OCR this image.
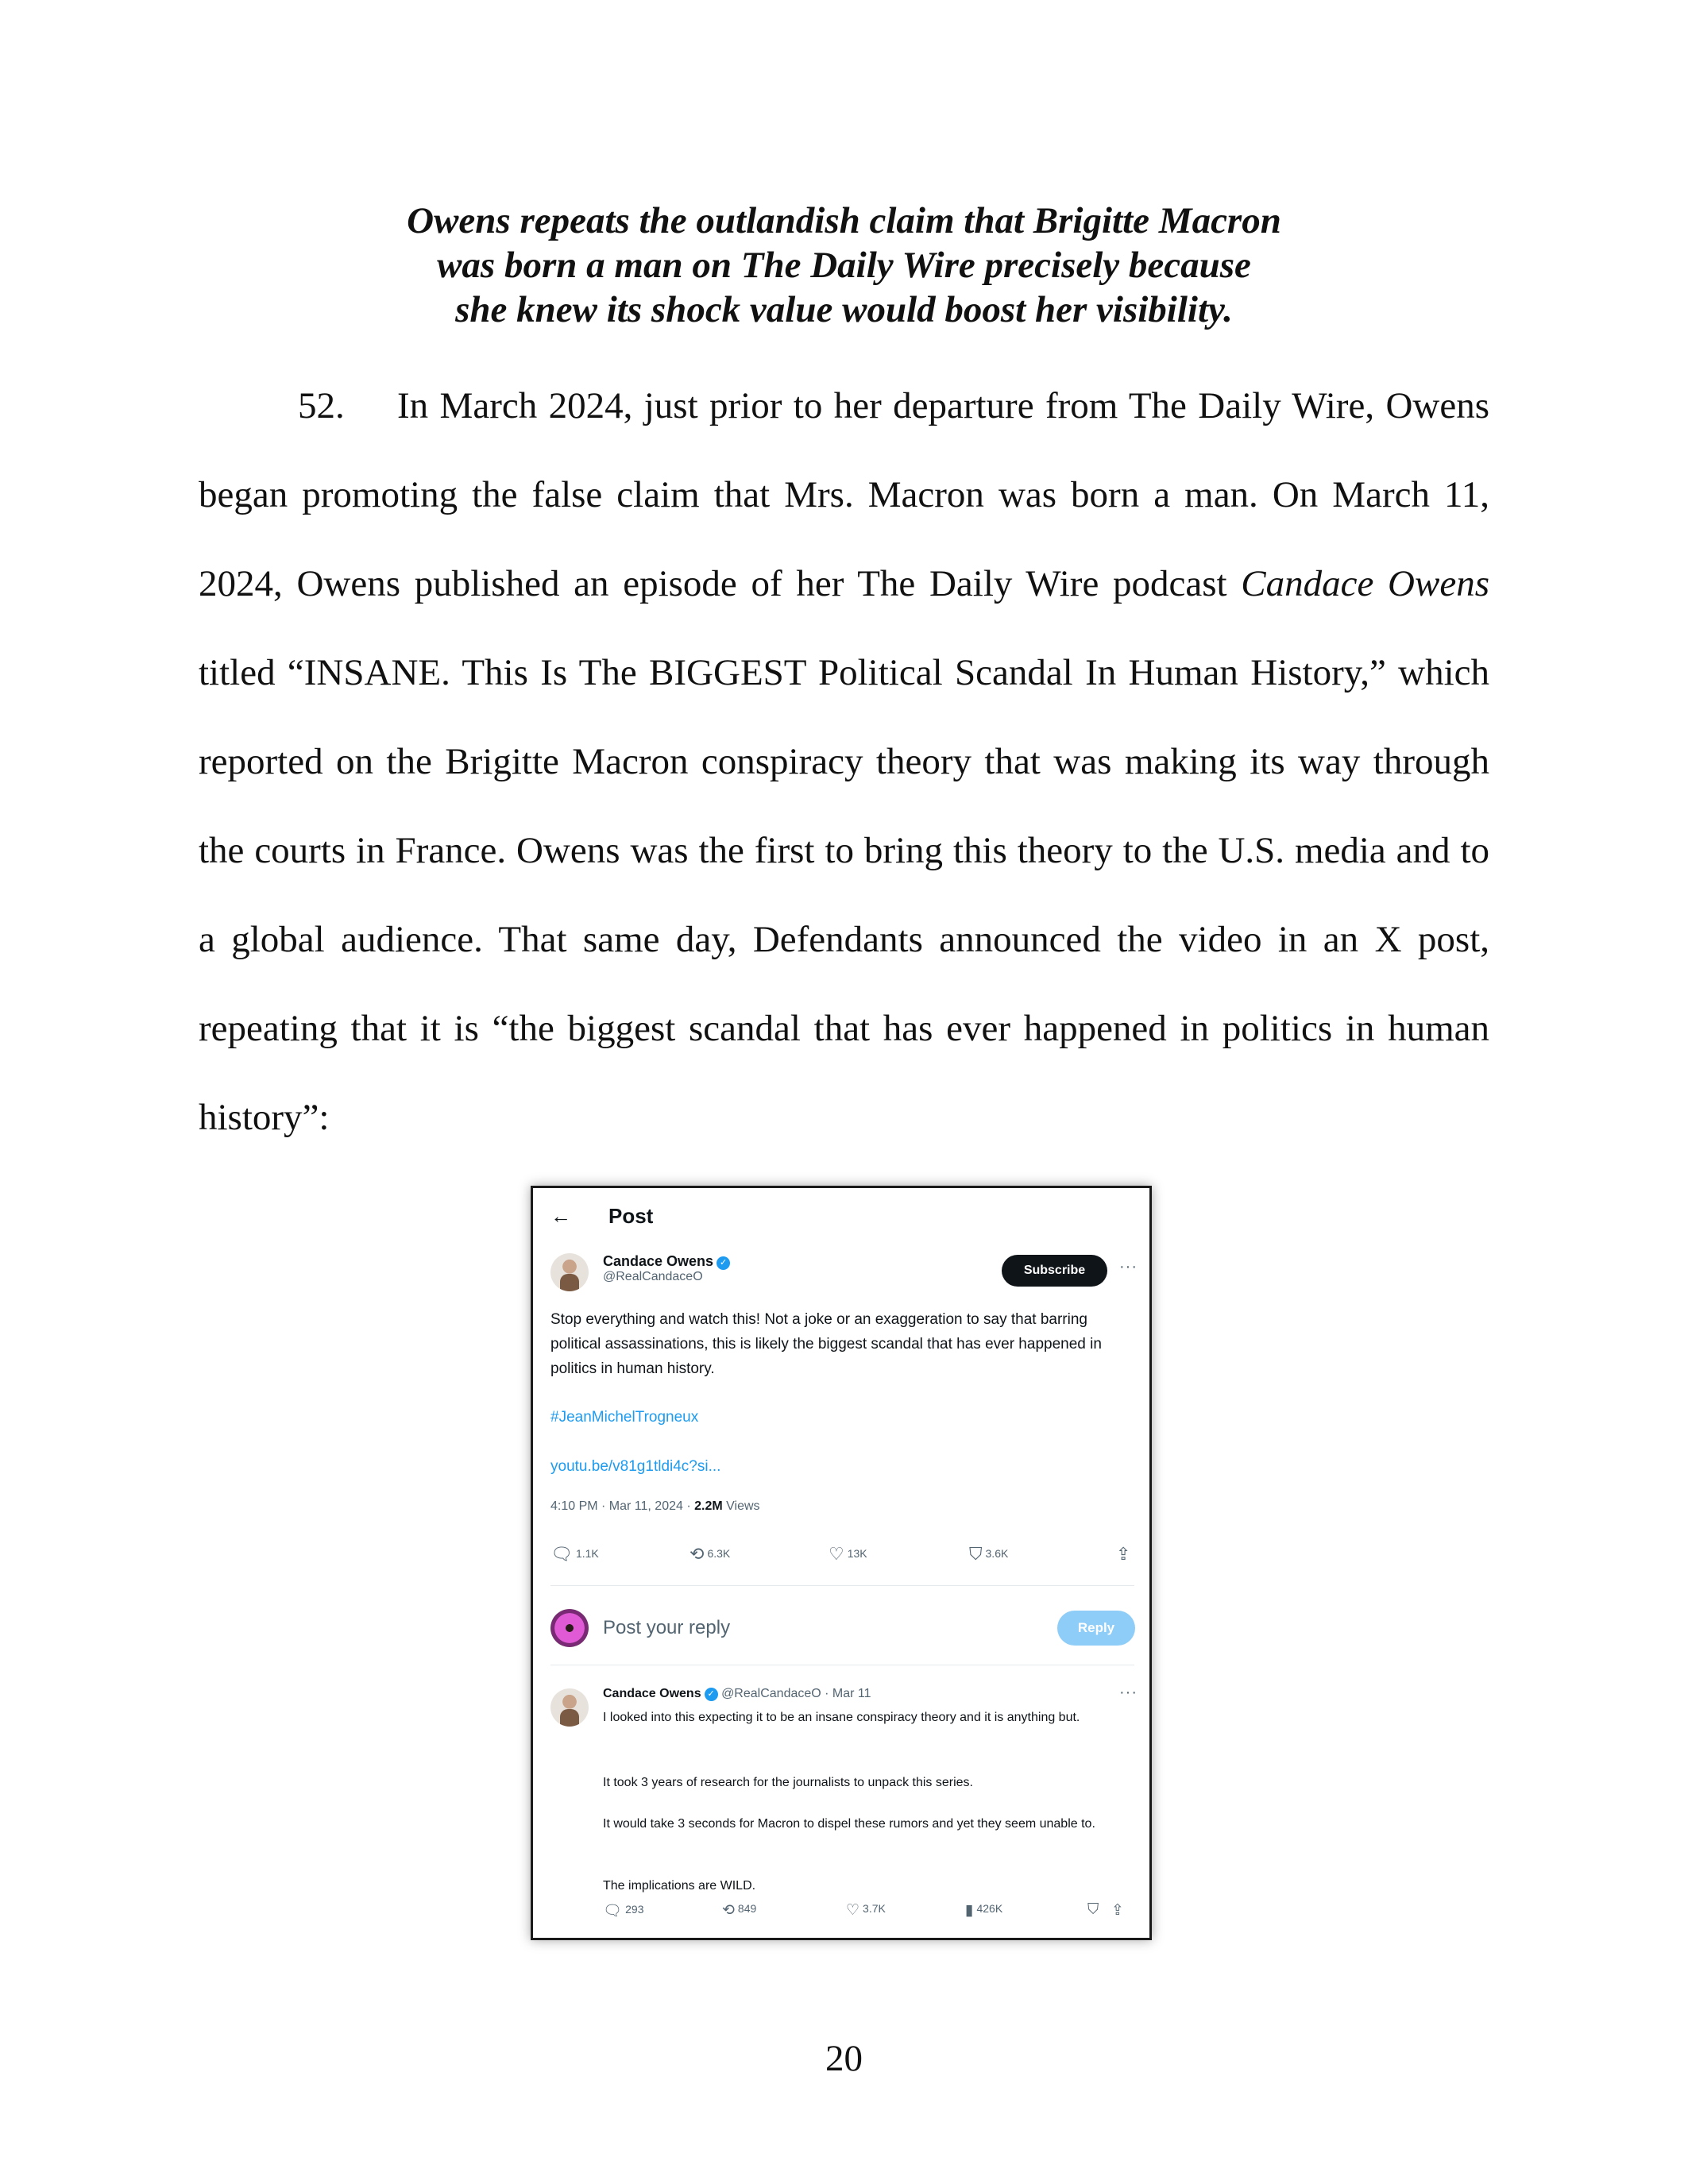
Owens repeats the outlandish claim that Brigitte Macron
was born a man on The Daily Wire precisely because
she knew its shock value would boost her visibility.

52. In March 2024, just prior to her departure from The Daily Wire, Owens began promoting the false claim that Mrs. Macron was born a man. On March 11, 2024, Owens published an episode of her The Daily Wire podcast Candace Owens titled “INSANE. This Is The BIGGEST Political Scandal In Human History,” which reported on the Brigitte Macron conspiracy theory that was making its way through the courts in France. Owens was the first to bring this theory to the U.S. media and to a global audience. That same day, Defendants announced the video in an X post, repeating that it is “the biggest scandal that has ever happened in politics in human history”:

← Post
Candace Owens ✓
@RealCandaceO	Subscribe	···
Stop everything and watch this! Not a joke or an exaggeration to say that barring political assassinations, this is likely the biggest scandal that has ever happened in politics in human history.
#JeanMichelTrogneux
youtu.be/v81g1tldi4c?si...
4:10 PM · Mar 11, 2024 · 2.2M Views
🗨 1.1K	⟲ 6.3K	♡ 13K	⛉ 3.6K	⇪
Post your reply	Reply
Candace Owens ✓ @RealCandaceO · Mar 11	···
I looked into this expecting it to be an insane conspiracy theory and it is anything but.
It took 3 years of research for the journalists to unpack this series.
It would take 3 seconds for Macron to dispel these rumors and yet they seem unable to.
The implications are WILD.
🗨 293	⟲ 849	♡ 3.7K	▮ 426K	⛉ ⇪
20
